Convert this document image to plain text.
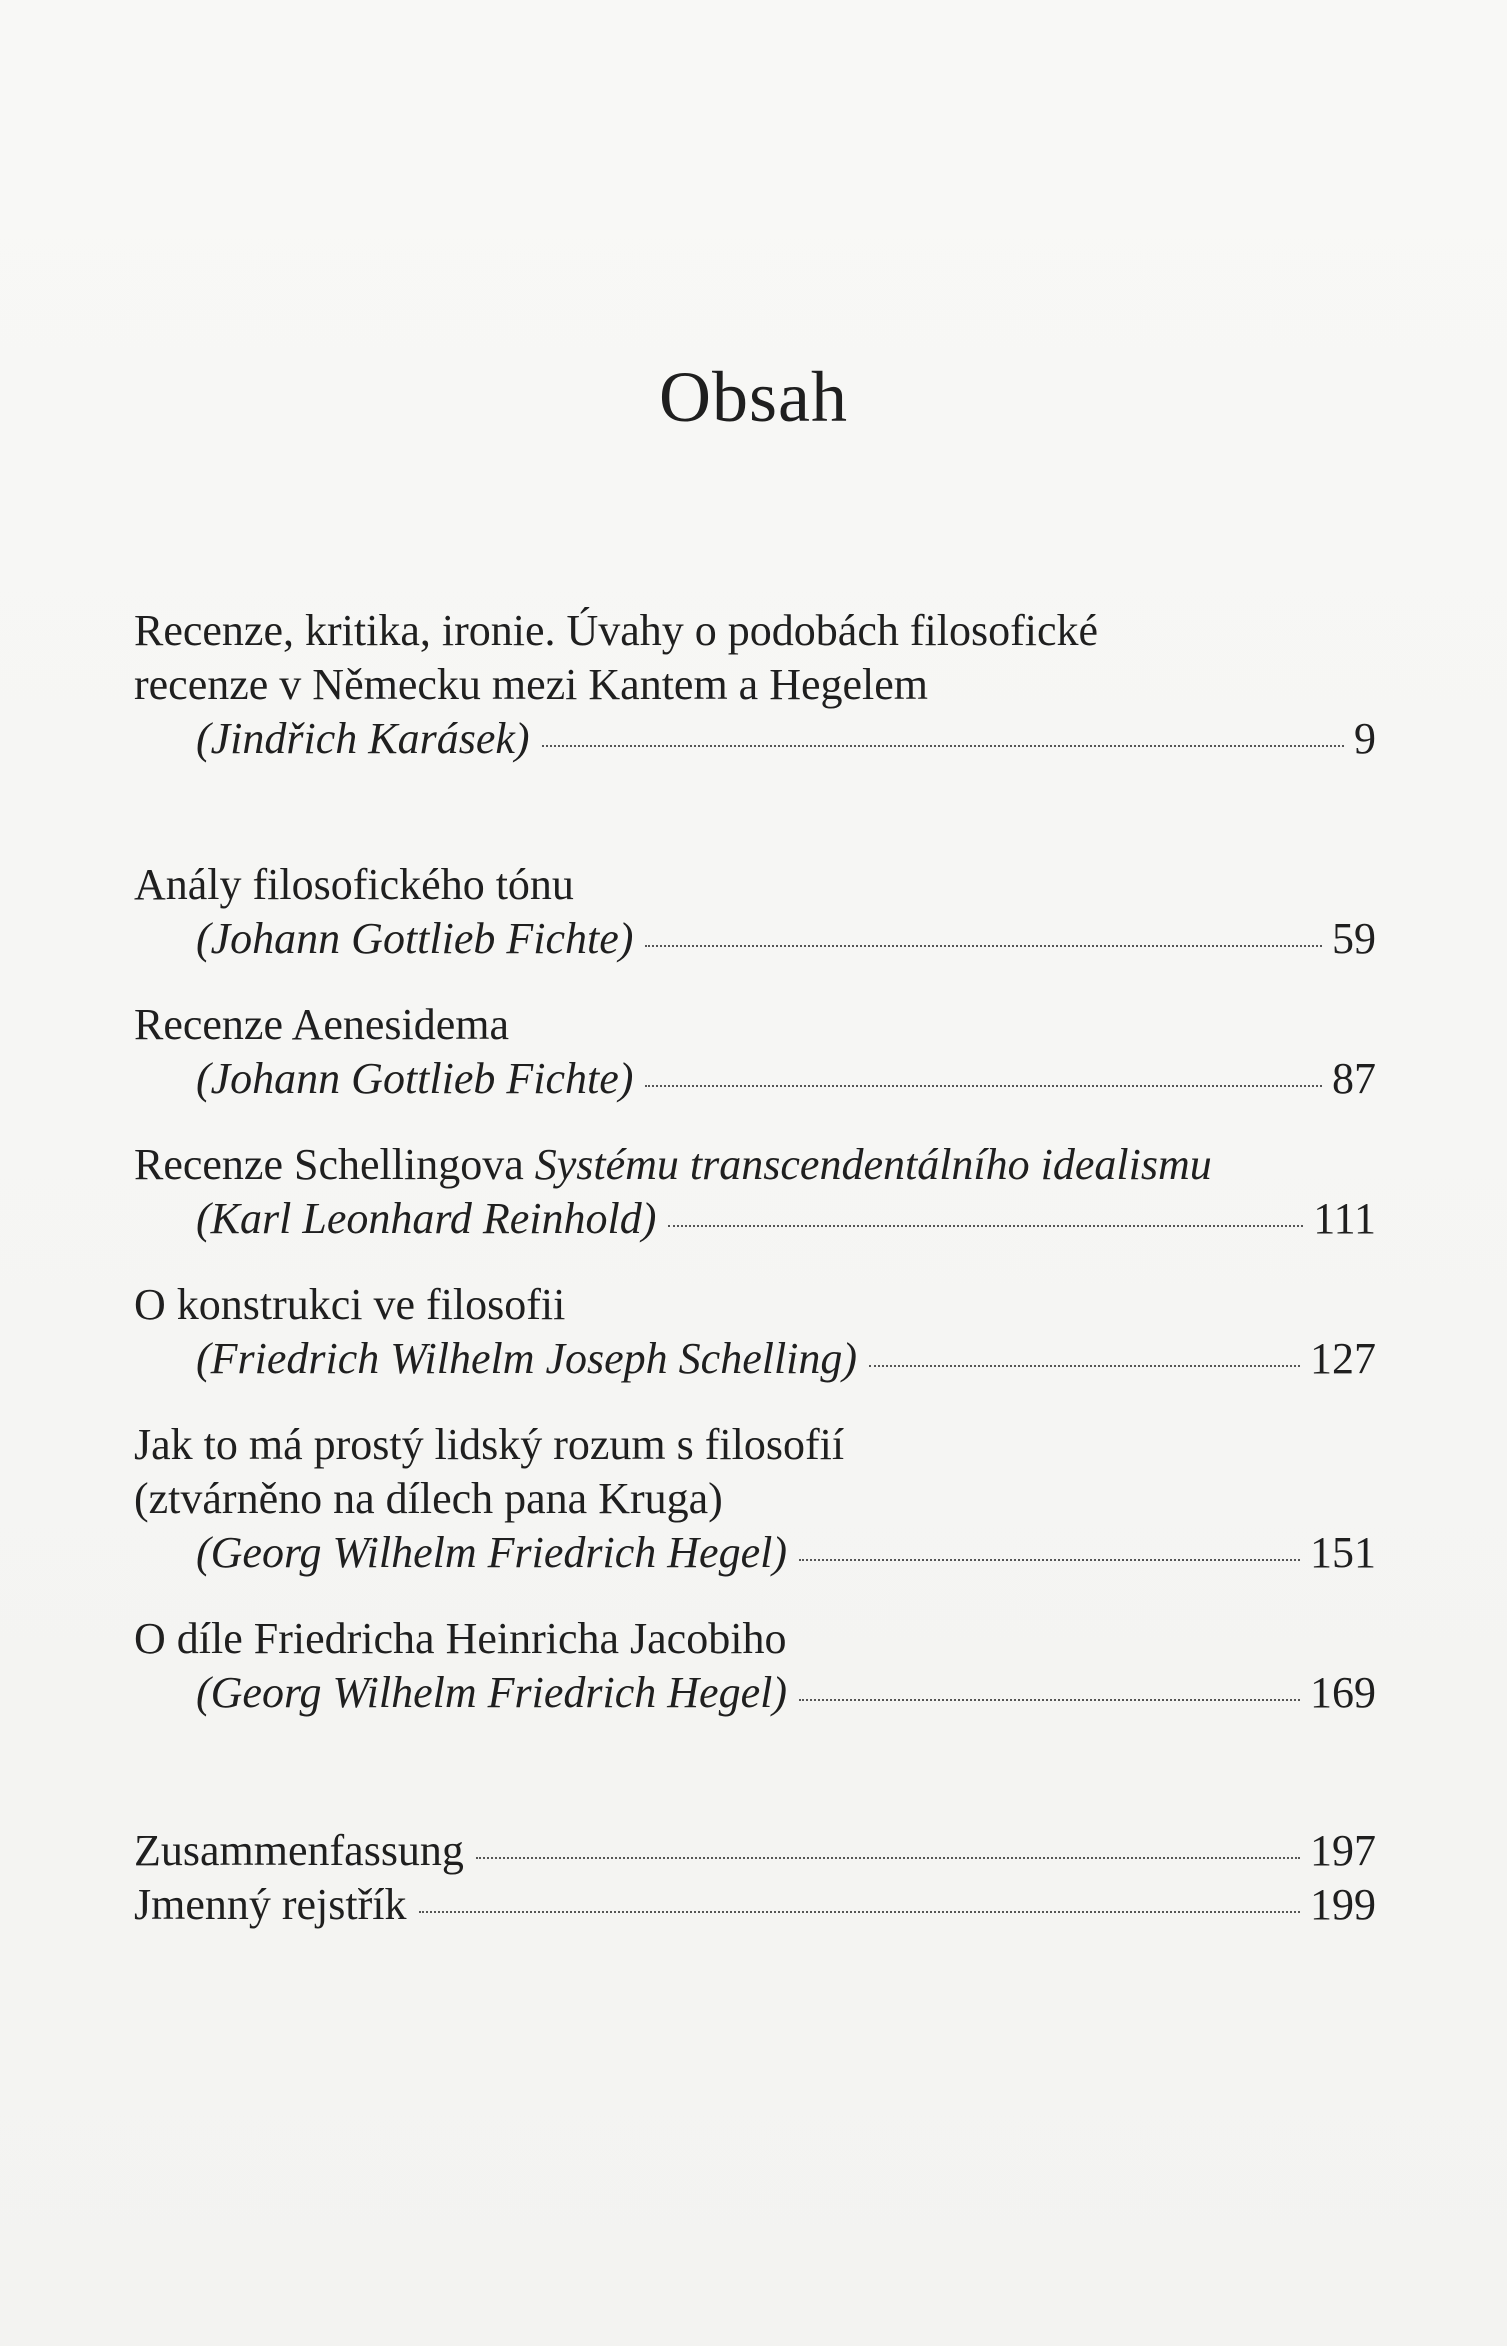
Obsah
Recenze, kritika, ironie. Úvahy o podobách filosofické
recenze v Německu mezi Kantem a Hegelem
(Jindřich Karásek)	9
Anály filosofického tónu
(Johann Gottlieb Fichte)	59
Recenze Aenesidema
(Johann Gottlieb Fichte)	87
Recenze Schellingova Systému transcendentálního idealismu
(Karl Leonhard Reinhold)	111
O konstrukci ve filosofii
(Friedrich Wilhelm Joseph Schelling)	127
Jak to má prostý lidský rozum s filosofií
(ztvárněno na dílech pana Kruga)
(Georg Wilhelm Friedrich Hegel)	151
O díle Friedricha Heinricha Jacobiho
(Georg Wilhelm Friedrich Hegel)	169
Zusammenfassung	197
Jmenný rejstřík	199
